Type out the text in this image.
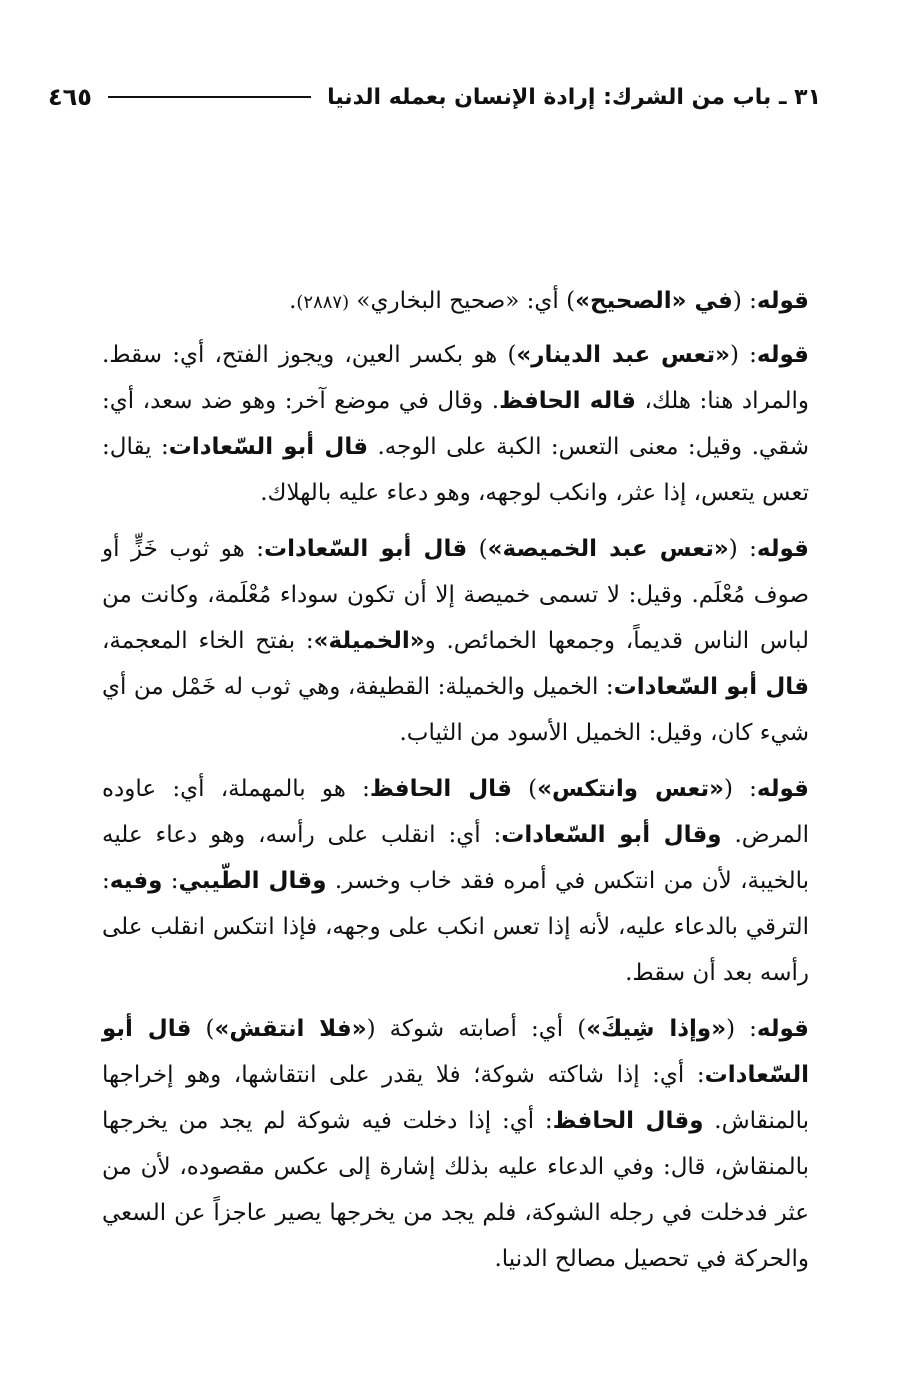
٣١ ـ باب من الشرك: إرادة الإنسان بعمله الدنيا
٤٦٥

قوله: (في «الصحيح») أي: «صحيح البخاري» (٢٨٨٧).

قوله: («تعس عبد الدينار») هو بكسر العين، ويجوز الفتح، أي: سقط. والمراد هنا: هلك، قاله الحافظ. وقال في موضع آخر: وهو ضد سعد، أي: شقي. وقيل: معنى التعس: الكبة على الوجه. قال أبو السّعادات: يقال: تعس يتعس، إذا عثر، وانكب لوجهه، وهو دعاء عليه بالهلاك.

قوله: («تعس عبد الخميصة») قال أبو السّعادات: هو ثوب خَزٍّ أو صوف مُعْلَم. وقيل: لا تسمى خميصة إلا أن تكون سوداء مُعْلَمة، وكانت من لباس الناس قديماً، وجمعها الخمائص. و«الخميلة»: بفتح الخاء المعجمة، قال أبو السّعادات: الخميل والخميلة: القطيفة، وهي ثوب له خَمْل من أي شيء كان، وقيل: الخميل الأسود من الثياب.

قوله: («تعس وانتكس») قال الحافظ: هو بالمهملة، أي: عاوده المرض. وقال أبو السّعادات: أي: انقلب على رأسه، وهو دعاء عليه بالخيبة، لأن من انتكس في أمره فقد خاب وخسر. وقال الطّيبي: وفيه: الترقي بالدعاء عليه، لأنه إذا تعس انكب على وجهه، فإذا انتكس انقلب على رأسه بعد أن سقط.

قوله: («وإذا شِيكَ») أي: أصابته شوكة («فلا انتقش») قال أبو السّعادات: أي: إذا شاكته شوكة؛ فلا يقدر على انتقاشها، وهو إخراجها بالمنقاش. وقال الحافظ: أي: إذا دخلت فيه شوكة لم يجد من يخرجها بالمنقاش، قال: وفي الدعاء عليه بذلك إشارة إلى عكس مقصوده، لأن من عثر فدخلت في رجله الشوكة، فلم يجد من يخرجها يصير عاجزاً عن السعي والحركة في تحصيل مصالح الدنيا.
